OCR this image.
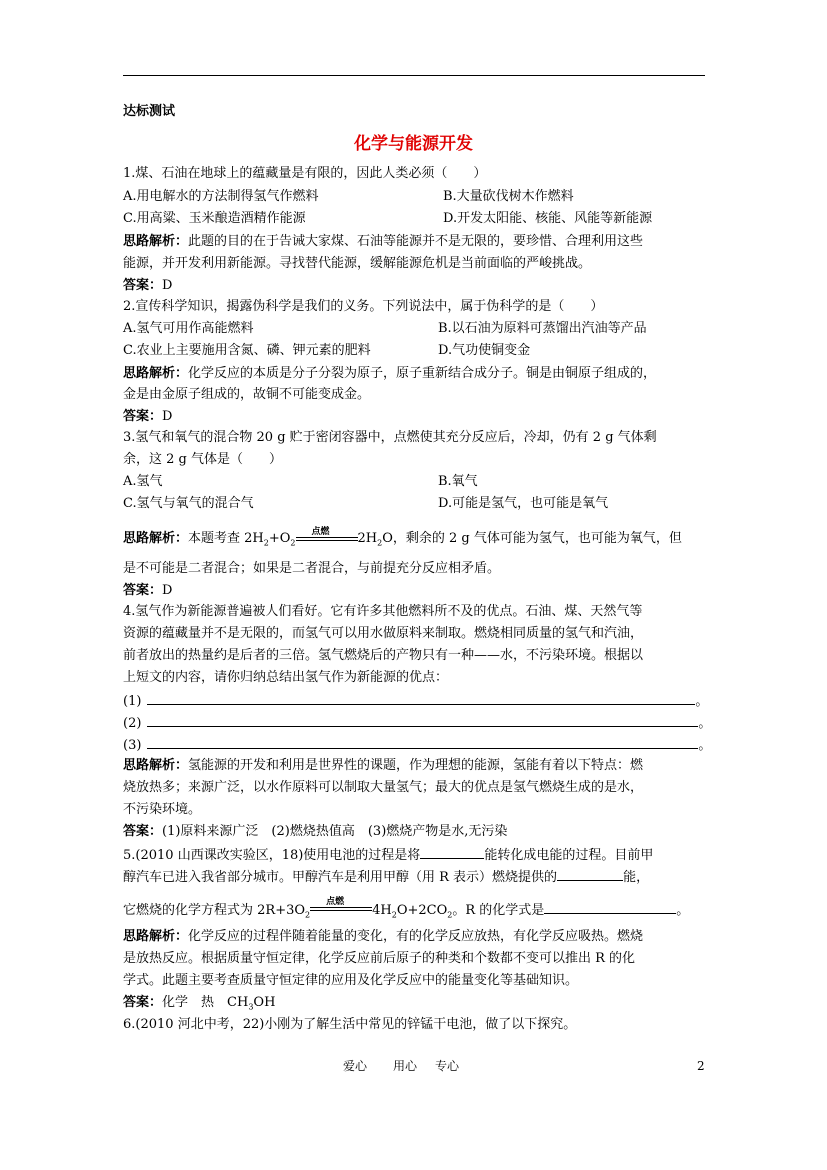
达标测试
化学与能源开发
1.煤、石油在地球上的蕴藏量是有限的，因此人类必须（　　）
A.用电解水的方法制得氢气作燃料	B.大量砍伐树木作燃料
C.用高粱、玉米酿造酒精作能源	D.开发太阳能、核能、风能等新能源
思路解析：此题的目的在于告诫大家煤、石油等能源并不是无限的，要珍惜、合理利用这些
能源，并开发利用新能源。寻找替代能源，缓解能源危机是当前面临的严峻挑战。
答案：D
2.宣传科学知识，揭露伪科学是我们的义务。下列说法中，属于伪科学的是（　　）
A.氢气可用作高能燃料	B.以石油为原料可蒸馏出汽油等产品
C.农业上主要施用含氮、磷、钾元素的肥料	D.气功使铜变金
思路解析：化学反应的本质是分子分裂为原子，原子重新结合成分子。铜是由铜原子组成的，
金是由金原子组成的，故铜不可能变成金。
答案：D
3.氢气和氧气的混合物 20 g 贮于密闭容器中，点燃使其充分反应后，冷却，仍有 2 g 气体剩
余，这 2 g 气体是（　　）
A.氢气	B.氧气
C.氢气与氧气的混合气	D.可能是氢气，也可能是氧气
思路解析：本题考查 $2H_2+O_2$
点燃 $2H_2O$，剩余的 2 g 气体可能为氢气，也可能为氧气，但
是不可能是二者混合；如果是二者混合，与前提充分反应相矛盾。
答案：D
4.氢气作为新能源普遍被人们看好。它有许多其他燃料所不及的优点。石油、煤、天然气等
资源的蕴藏量并不是无限的，而氢气可以用水做原料来制取。燃烧相同质量的氢气和汽油，
前者放出的热量约是后者的三倍。氢气燃烧后的产物只有一种——水，不污染环境。根据以
上短文的内容，请你归纳总结出氢气作为新能源的优点：
(1)	。
(2)	。
(3)	。
思路解析：氢能源的开发和利用是世界性的课题，作为理想的能源，氢能有着以下特点：燃
烧放热多；来源广泛，以水作原料可以制取大量氢气；最大的优点是氢气燃烧生成的是水，
不污染环境。
答案：(1)原料来源广泛　(2)燃烧热值高　(3)燃烧产物是水,无污染
5.(2010 山西课改实验区，18)使用电池的过程是将	能转化成电能的过程。目前甲
醇汽车已进入我省部分城市。甲醇汽车是利用甲醇（用 R 表示）燃烧提供的	能，
它燃烧的化学方程式为 $2R+3O_2$
点燃
$4H_2O+2CO_2$。R 的化学式是	。
思路解析：化学反应的过程伴随着能量的变化，有的化学反应放热，有化学反应吸热。燃烧
是放热反应。根据质量守恒定律，化学反应前后原子的种类和个数都不变可以推出 R 的化
学式。此题主要考查质量守恒定律的应用及化学反应中的能量变化等基础知识。
答案：化学　热　$CH_3OH$
6.(2010 河北中考，22)小刚为了解生活中常见的锌锰干电池，做了以下探究。
爱心 用心 专心	2
